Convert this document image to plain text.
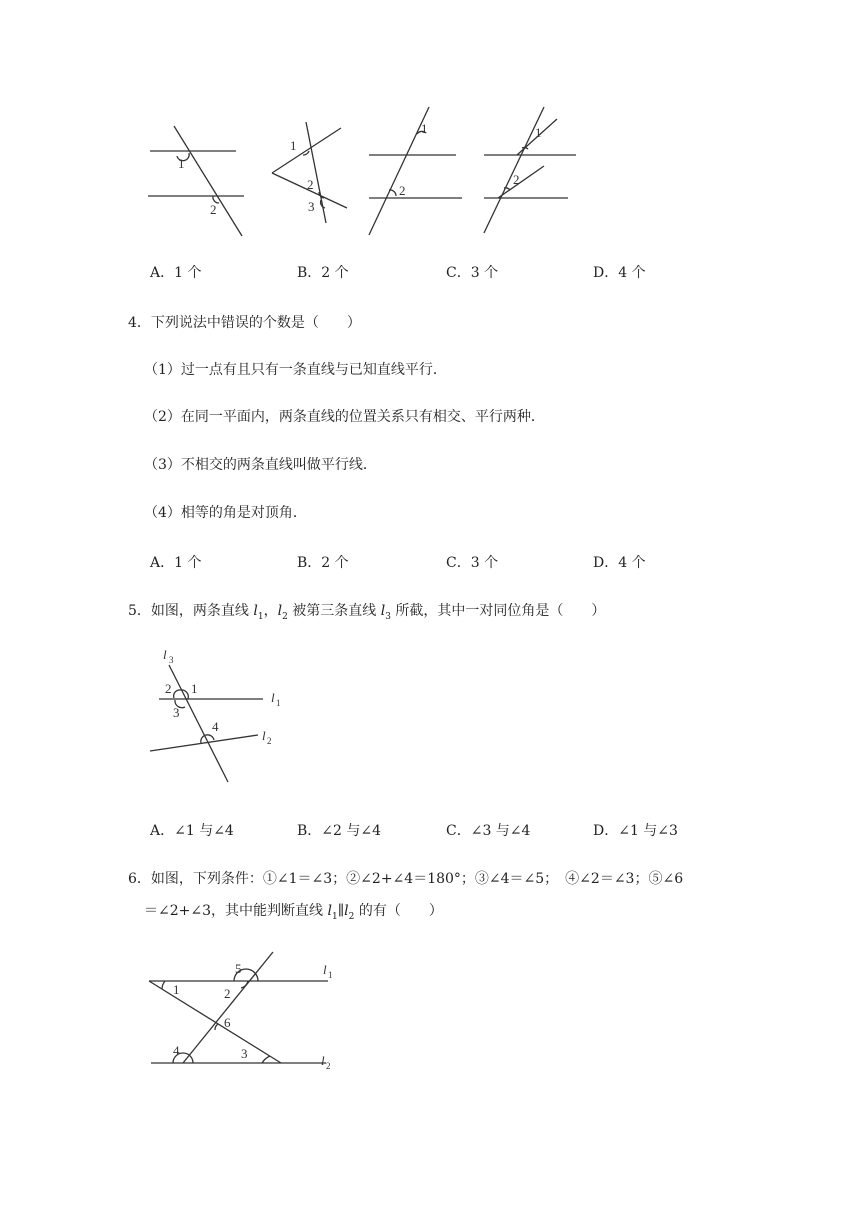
1
2
1
2
3
1
2
1
2
A．1 个	B．2 个	C．3 个	D．4 个
4．下列说法中错误的个数是（　　）
（1）过一点有且只有一条直线与已知直线平行．
（2）在同一平面内，两条直线的位置关系只有相交、平行两种．
（3）不相交的两条直线叫做平行线．
（4）相等的角是对顶角．
A．1 个	B．2 个	C．3 个	D．4 个
5．如图，两条直线 $l_1$，$l_2$ 被第三条直线 $l_3$ 所截，其中一对同位角是（　　）
l 3
2 1
3
4
l 1
l 2
A．∠1 与∠4	B．∠2 与∠4	C．∠3 与∠4	D．∠1 与∠3
6．如图，下列条件：①∠1＝∠3；②∠2+∠4＝180°；③∠4＝∠5；　④∠2＝∠3；⑤∠6
＝∠2+∠3，其中能判断直线 $l_1\parallel l_2$ 的有（　　）
5
1	2
6
4	3
l 1
l 2
